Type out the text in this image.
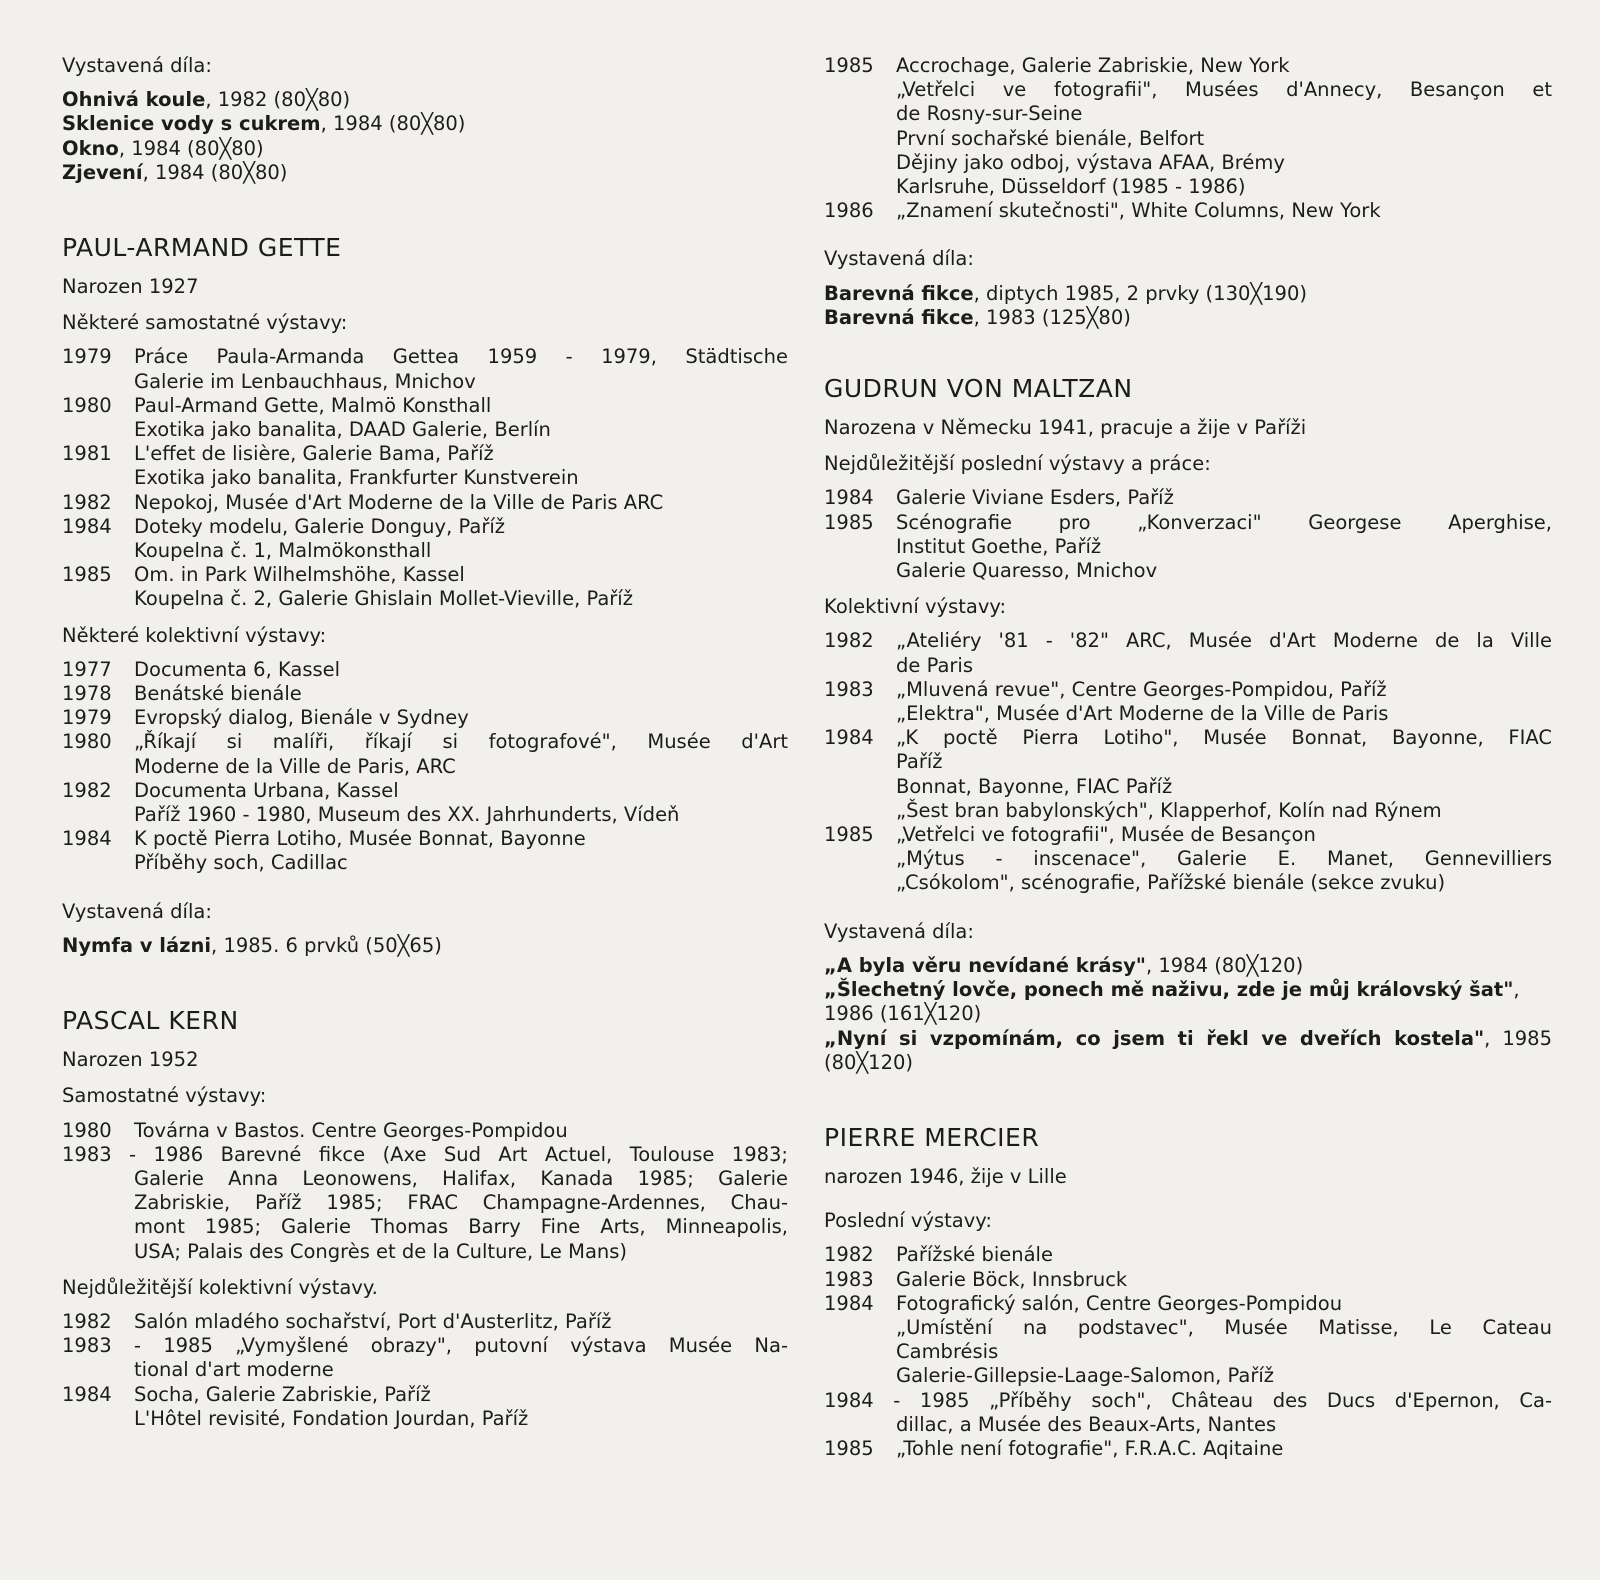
Vystavená díla:

Ohnivá koule, 1982 (80╳80)
Sklenice vody s cukrem, 1984 (80╳80)
Okno, 1984 (80╳80)
Zjevení, 1984 (80╳80)
PAUL-ARMAND GETTE

Narozen 1927

Některé samostatné výstavy:

1979	Práce Paula-Armanda Gettea 1959 - 1979, Städtische
Galerie im Lenbauchhaus, Mnichov
1980	Paul-Armand Gette, Malmö Konsthall
Exotika jako banalita, DAAD Galerie, Berlín
1981	L'effet de lisière, Galerie Bama, Paříž
Exotika jako banalita, Frankfurter Kunstverein
1982	Nepokoj, Musée d'Art Moderne de la Ville de Paris ARC
1984	Doteky modelu, Galerie Donguy, Paříž
Koupelna č. 1, Malmökonsthall
1985	Om. in Park Wilhelmshöhe, Kassel
Koupelna č. 2, Galerie Ghislain Mollet-Vieville, Paříž

Některé kolektivní výstavy:

1977	Documenta 6, Kassel
1978	Benátské bienále
1979	Evropský dialog, Bienále v Sydney
1980	„Říkají si malíři, říkají si fotografové", Musée d'Art
Moderne de la Ville de Paris, ARC
1982	Documenta Urbana, Kassel
Paříž 1960 - 1980, Museum des XX. Jahrhunderts, Vídeň
1984	K poctě Pierra Lotiho, Musée Bonnat, Bayonne
Příběhy soch, Cadillac

Vystavená díla:

Nymfa v lázni, 1985. 6 prvků (50╳65)
PASCAL KERN

Narozen 1952

Samostatné výstavy:

1980	Továrna v Bastos. Centre Georges-Pompidou
1983 - 1986 Barevné fikce (Axe Sud Art Actuel, Toulouse 1983;
Galerie Anna Leonowens, Halifax, Kanada 1985; Galerie
Zabriskie, Paříž 1985; FRAC Champagne-Ardennes, Chau-
mont 1985; Galerie Thomas Barry Fine Arts, Minneapolis,
USA; Palais des Congrès et de la Culture, Le Mans)

Nejdůležitější kolektivní výstavy.

1982	Salón mladého sochařství, Port d'Austerlitz, Paříž
1983 - 1985 „Vymyšlené obrazy", putovní výstava Musée Na-
tional d'art moderne
1984	Socha, Galerie Zabriskie, Paříž
L'Hôtel revisité, Fondation Jourdan, Paříž
1985	Accrochage, Galerie Zabriskie, New York
„Vetřelci ve fotografii", Musées d'Annecy, Besançon et
de Rosny-sur-Seine
První sochařské bienále, Belfort
Dějiny jako odboj, výstava AFAA, Brémy
Karlsruhe, Düsseldorf (1985 - 1986)
1986	„Znamení skutečnosti", White Columns, New York

Vystavená díla:

Barevná fikce, diptych 1985, 2 prvky (130╳190)
Barevná fikce, 1983 (125╳80)
GUDRUN VON MALTZAN

Narozena v Německu 1941, pracuje a žije v Paříži

Nejdůležitější poslední výstavy a práce:

1984	Galerie Viviane Esders, Paříž
1985	Scénografie pro „Konverzaci" Georgese Aperghise,
Institut Goethe, Paříž
Galerie Quaresso, Mnichov

Kolektivní výstavy:

1982	„Ateliéry '81 - '82" ARC, Musée d'Art Moderne de la Ville
de Paris
1983	„Mluvená revue", Centre Georges-Pompidou, Paříž
„Elektra", Musée d'Art Moderne de la Ville de Paris
1984	„K poctě Pierra Lotiho", Musée Bonnat, Bayonne, FIAC
Paříž
Bonnat, Bayonne, FIAC Paříž
„Šest bran babylonských", Klapperhof, Kolín nad Rýnem
1985	„Vetřelci ve fotografii", Musée de Besançon
„Mýtus - inscenace", Galerie E. Manet, Gennevilliers
„Csókolom", scénografie, Pařížské bienále (sekce zvuku)

Vystavená díla:

„A byla věru nevídané krásy", 1984 (80╳120)
„Šlechetný lovče, ponech mě naživu, zde je můj královský šat",
1986 (161╳120)
„Nyní si vzpomínám, co jsem ti řekl ve dveřích kostela", 1985
(80╳120)
PIERRE MERCIER

narozen 1946, žije v Lille

Poslední výstavy:

1982	Pařížské bienále
1983	Galerie Böck, Innsbruck
1984	Fotografický salón, Centre Georges-Pompidou
„Umístění na podstavec", Musée Matisse, Le Cateau
Cambrésis
Galerie-Gillepsie-Laage-Salomon, Paříž
1984 - 1985 „Příběhy soch", Château des Ducs d'Epernon, Ca-
dillac, a Musée des Beaux-Arts, Nantes
1985	„Tohle není fotografie", F.R.A.C. Aqitaine
